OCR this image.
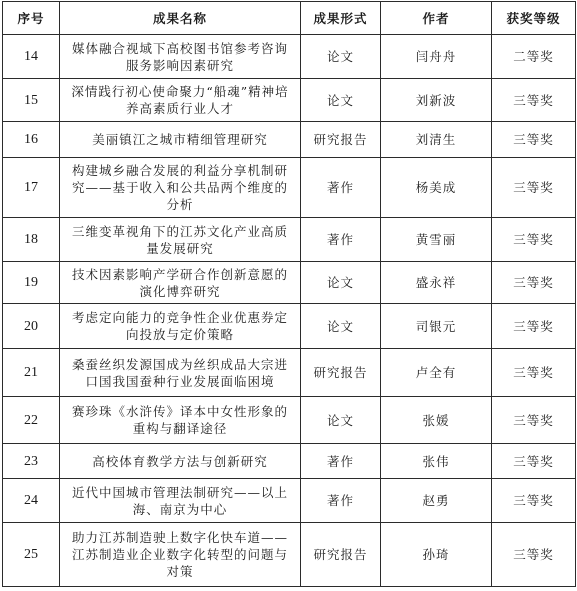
序号	成果名称	成果形式	作者	获奖等级
14	媒体融合视域下高校图书馆参考咨询服务影响因素研究	论文	闫舟舟	二等奖
15	深情践行初心使命聚力“船魂”精神培养高素质行业人才	论文	刘新波	三等奖
16	美丽镇江之城市精细管理研究	研究报告	刘清生	三等奖
17	构建城乡融合发展的利益分享机制研究——基于收入和公共品两个维度的分析	著作	杨美成	三等奖
18	三维变革视角下的江苏文化产业高质量发展研究	著作	黄雪丽	三等奖
19	技术因素影响产学研合作创新意愿的演化博弈研究	论文	盛永祥	三等奖
20	考虑定向能力的竞争性企业优惠券定向投放与定价策略	论文	司银元	三等奖
21	桑蚕丝织发源国成为丝织成品大宗进口国我国蚕种行业发展面临困境	研究报告	卢全有	三等奖
22	赛珍珠《水浒传》译本中女性形象的重构与翻译途径	论文	张媛	三等奖
23	高校体育教学方法与创新研究	著作	张伟	三等奖
24	近代中国城市管理法制研究——以上海、南京为中心	著作	赵勇	三等奖
25	助力江苏制造驶上数字化快车道——江苏制造业企业数字化转型的问题与对策	研究报告	孙琦	三等奖
